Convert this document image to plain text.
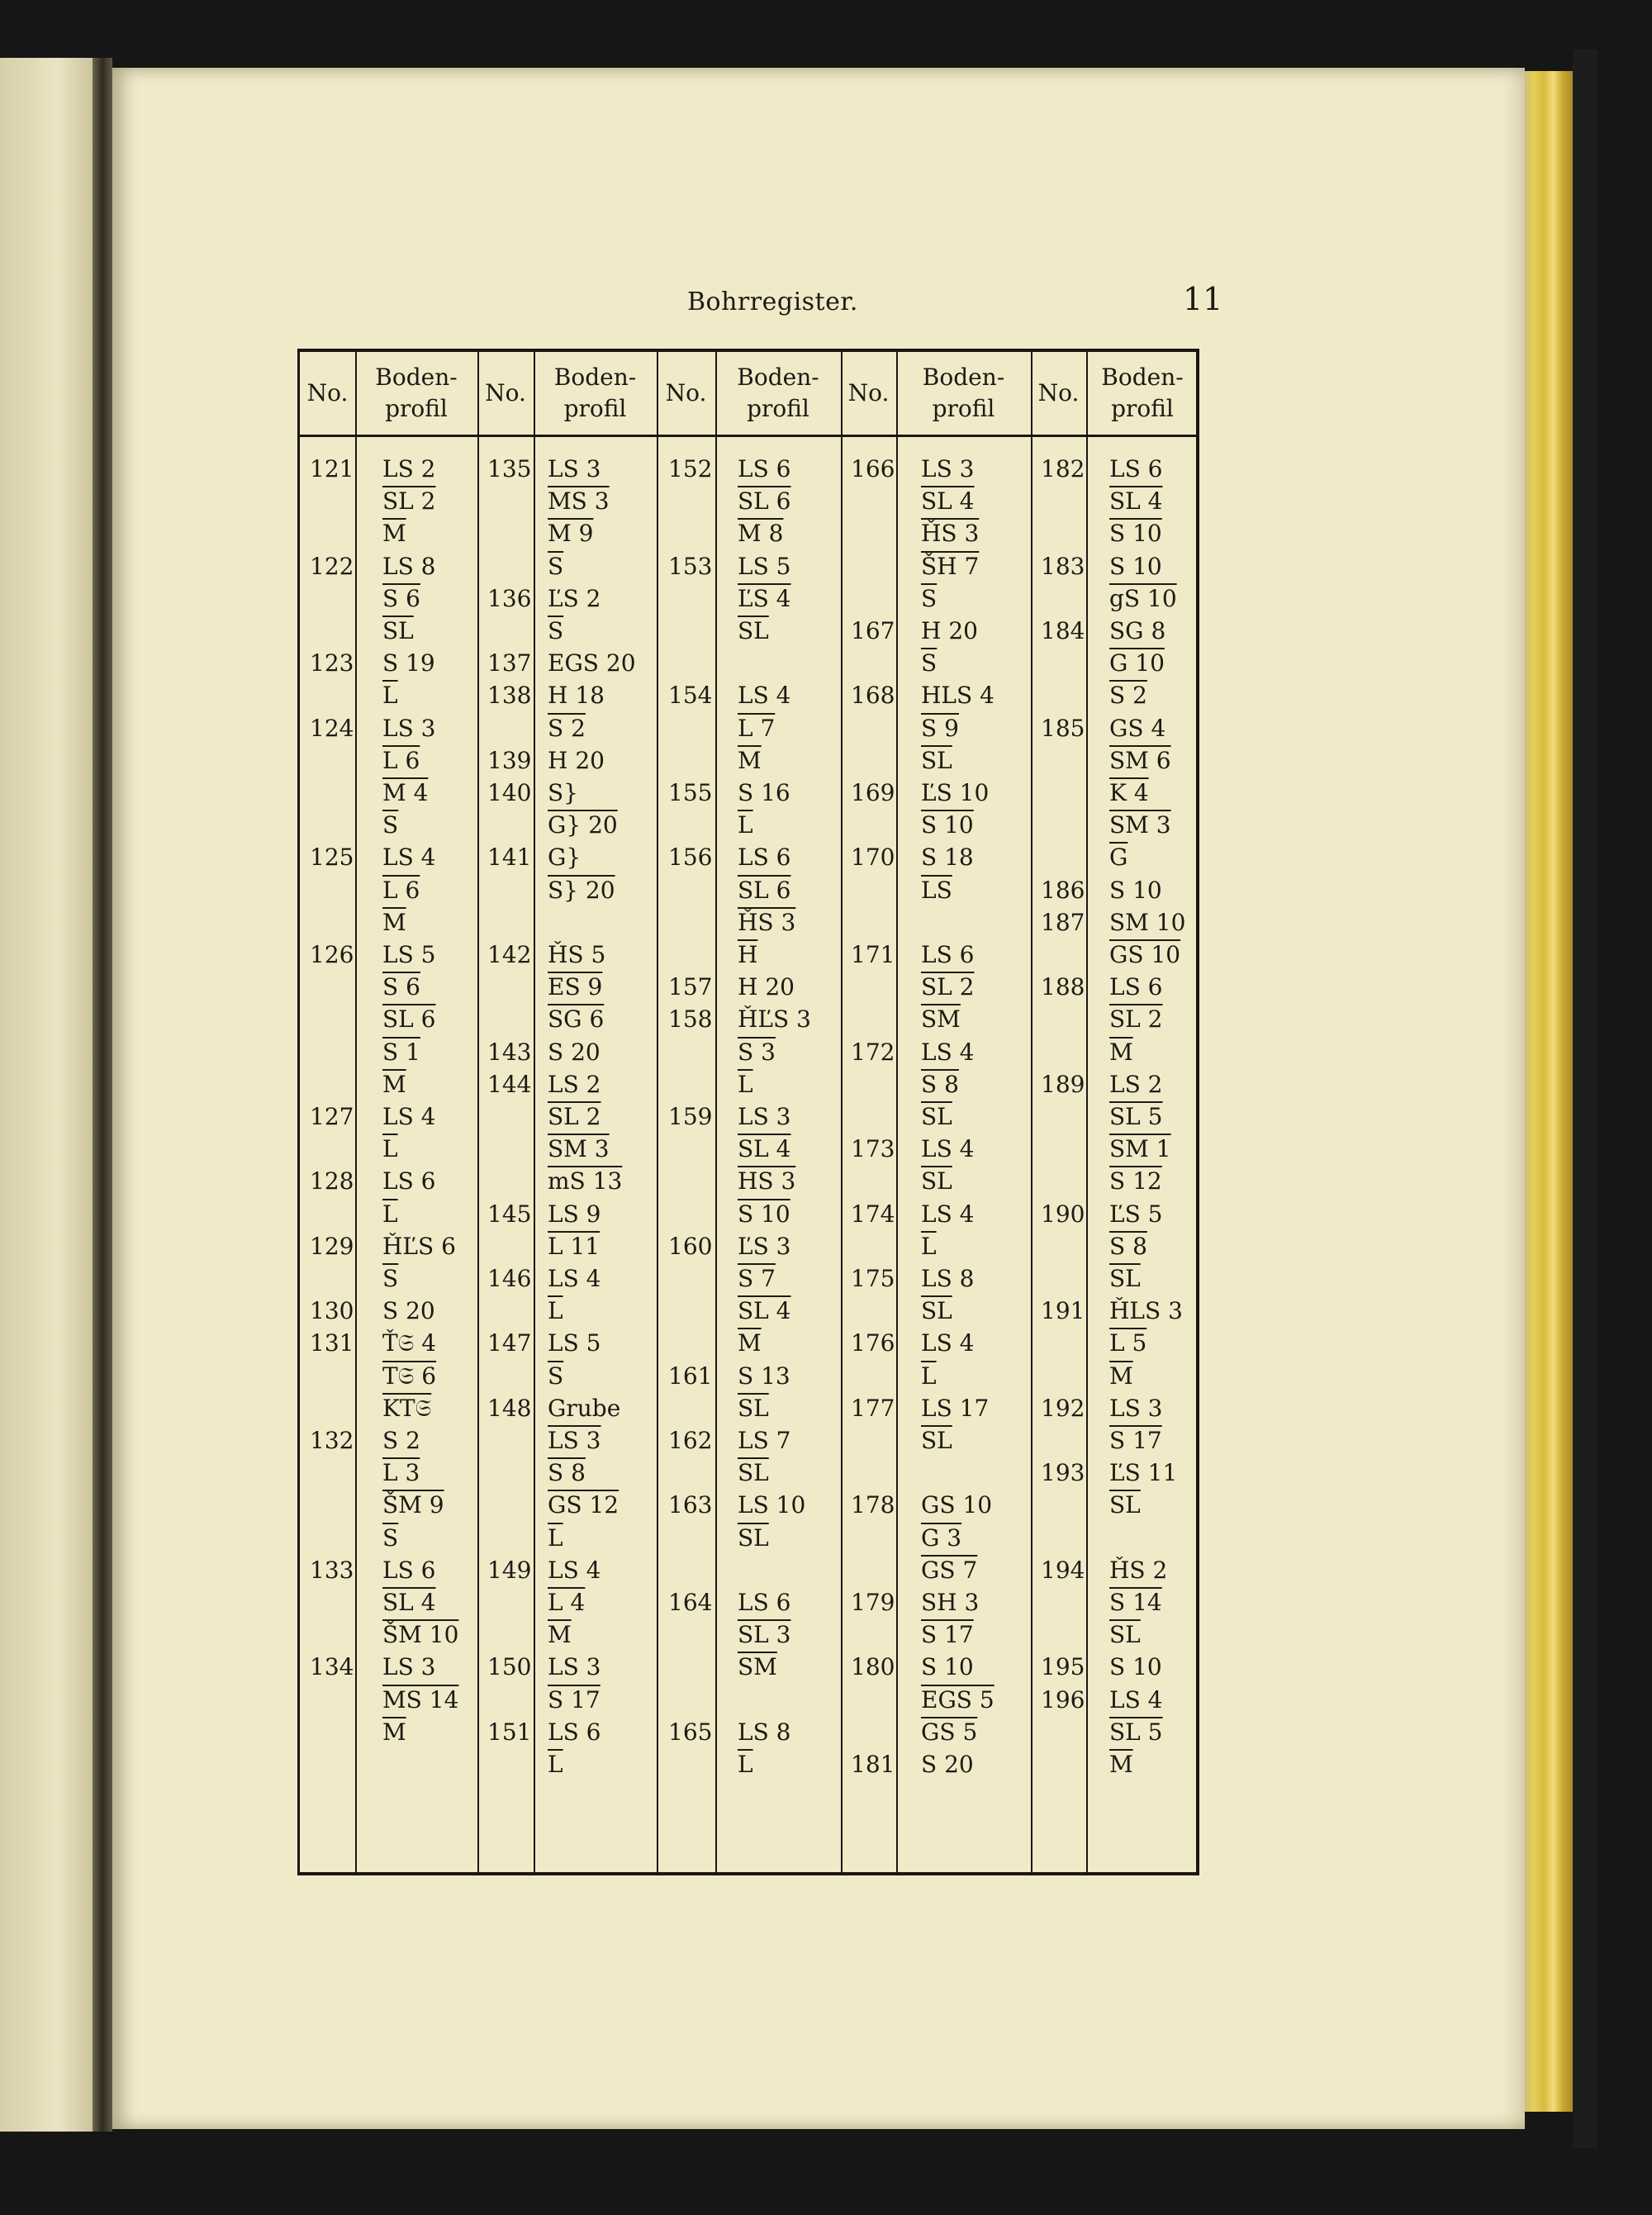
Bohrregister.	11
No.
Boden-
profil
No.
Boden-
profil
No.
Boden-
profil
No.
Boden-
profil
No.
Boden-
profil
121 LS 2
SL 2
$\overline{M}$
122 LS 8
S 6
$\overline{SL}$
123 S 19
$\overline{L}$
124 LS 3
L 6
M 4
$\overline{S}$
125 LS 4
L 6
$\overline{M}$
126 LS 5
S 6
SL 6
S 1
$\overline{M}$
127 LS 4
$\overline{L}$
128 LS 6
$\overline{L}$
129 ȞĽS 6
$\overline{S}$
130 S 20
131 Ť𝔖 4
T𝔖 6
KT𝔖
132 S 2
L 3
ŠM 9
$\overline{S}$
133 LS 6
SL 4
ŠM 10
134 LS 3
MS 14
$\overline{M}$
135 LS 3
MS 3
M 9
$\overline{S}$
136 ĽS 2
$\overline{S}$
137 EGS 20
138 H 18
S 2
139 H 20
140 S}
G} 20
141 G}
S} 20
142 ȞS 5
ES 9
SG 6
143 S 20
144 LS 2
SL 2
SM 3
mS 13
145 LS 9
L 11
146 LS 4
$\overline{L}$
147 LS 5
$\overline{S}$
148 Grube
LS 3
S 8
GS 12
$\overline{L}$
149 LS 4
L 4
$\overline{M}$
150 LS 3
S 17
151 LS 6
$\overline{L}$
152 LS 6
SL 6
M 8
153 LS 5
ĽS 4
$\overline{SL}$
154 LS 4
L 7
$\overline{M}$
155 S 16
$\overline{L}$
156 LS 6
SL 6
ȞS 3
$\overline{H}$
157 H 20
158 ȞĽS 3
S 3
$\overline{L}$
159 LS 3
SL 4
HS 3
S 10
160 ĽS 3
S 7
SL 4
$\overline{M}$
161 S 13
$\overline{SL}$
162 LS 7
$\overline{SL}$
163 LS 10
$\overline{SL}$
164 LS 6
SL 3
$\overline{SM}$
165 LS 8
$\overline{L}$
166 LS 3
SL 4
ȞS 3
ŠH 7
$\overline{S}$
167 H 20
$\overline{S}$
168 HLS 4
S 9
$\overline{SL}$
169 ĽS 10
S 10
170 S 18
$\overline{LS}$
171 LS 6
SL 2
$\overline{SM}$
172 LS 4
S 8
$\overline{SL}$
173 LS 4
$\overline{SL}$
174 LS 4
$\overline{L}$
175 LS 8
$\overline{SL}$
176 LS 4
$\overline{L}$
177 LS 17
$\overline{SL}$
178 GS 10
G 3
GS 7
179 SH 3
S 17
180 S 10
EGS 5
GS 5
181 S 20
182 LS 6
SL 4
S 10
183 S 10
gS 10
184 SG 8
G 10
S 2
185 GS 4
SM 6
K 4
SM 3
$\overline{G}$
186 S 10
187 SM 10
GS 10
188 LS 6
SL 2
$\overline{M}$
189 LS 2
SL 5
SM 1
S 12
190 ĽS 5
S 8
$\overline{SL}$
191 ȞLS 3
L 5
$\overline{M}$
192 LS 3
S 17
193 ĽS 11
$\overline{SL}$
194 ȞS 2
S 14
$\overline{SL}$
195 S 10
196 LS 4
SL 5
$\overline{M}$
